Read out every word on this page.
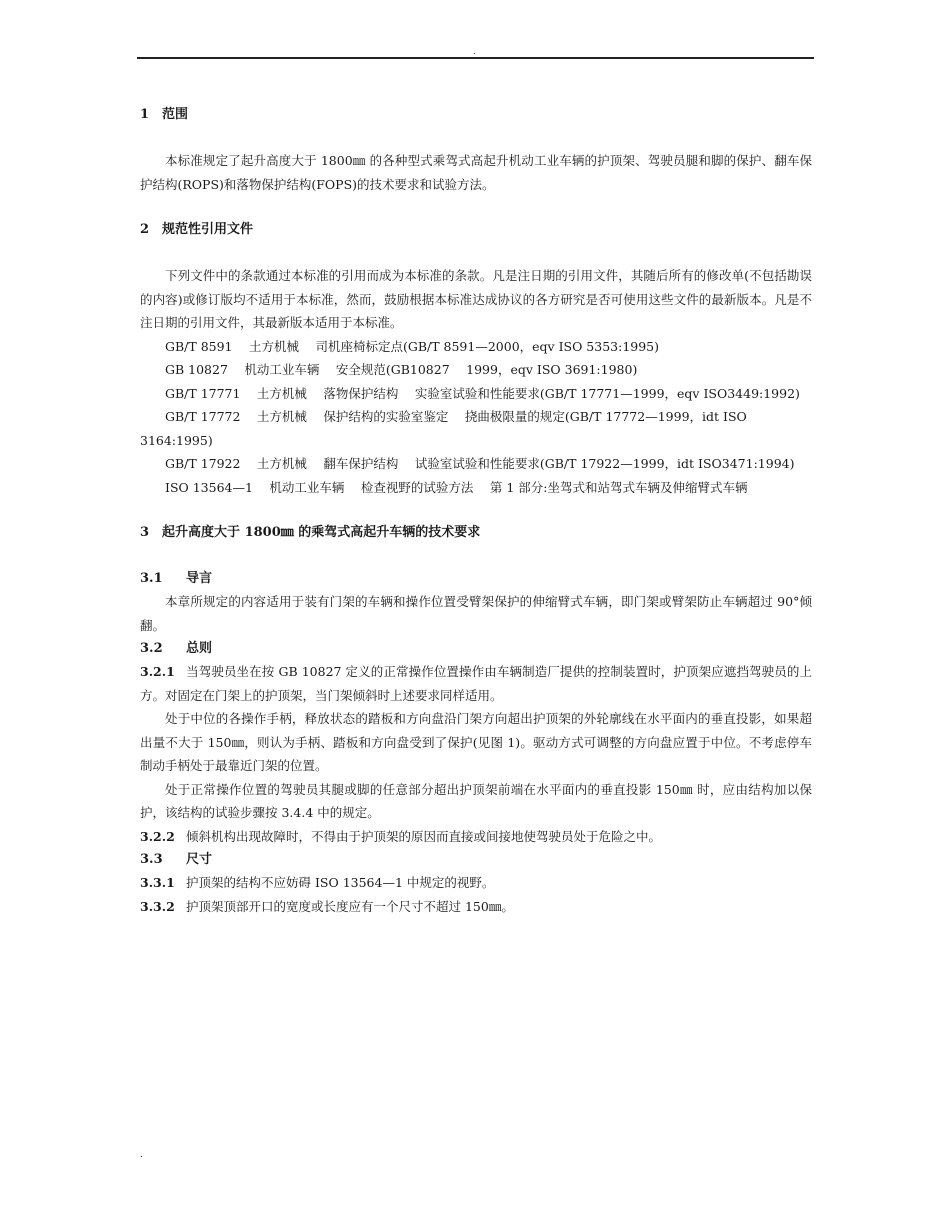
.
1　范围

本标准规定了起升高度大于 1800㎜ 的各种型式乘驾式高起升机动工业车辆的护顶架、驾驶员腿和脚的保护、翻车保护结构(ROPS)和落物保护结构(FOPS)的技术要求和试验方法。

2　规范性引用文件

下列文件中的条款通过本标准的引用而成为本标准的条款。凡是注日期的引用文件，其随后所有的修改单(不包括勘误的内容)或修订版均不适用于本标准，然而，鼓励根据本标准达成协议的各方研究是否可使用这些文件的最新版本。凡是不注日期的引用文件，其最新版本适用于本标准。

GB/T 8591　 土方机械　 司机座椅标定点(GB/T 8591—2000，eqv ISO 5353:1995)

GB 10827　 机动工业车辆　 安全规范(GB10827　 1999，eqv ISO 3691:1980)

GB/T 17771　 土方机械　 落物保护结构　 实验室试验和性能要求(GB/T 17771—1999，eqv ISO3449:1992)

GB/T 17772　 土方机械　 保护结构的实验室鉴定　 挠曲极限量的规定(GB/T 17772—1999，idt ISO 3164:1995)

GB/T 17922　 土方机械　 翻车保护结构　 试验室试验和性能要求(GB/T 17922—1999，idt ISO3471:1994)

ISO 13564—1　 机动工业车辆　 检查视野的试验方法　 第 1 部分:坐驾式和站驾式车辆及伸缩臂式车辆

3　起升高度大于 1800㎜ 的乘驾式高起升车辆的技术要求
3.1 导言

本章所规定的内容适用于装有门架的车辆和操作位置受臂架保护的伸缩臂式车辆，即门架或臂架防止车辆超过 90°倾翻。

3.2 总则

3.2.1 当驾驶员坐在按 GB 10827 定义的正常操作位置操作由车辆制造厂提供的控制装置时，护顶架应遮挡驾驶员的上方。对固定在门架上的护顶架，当门架倾斜时上述要求同样适用。

处于中位的各操作手柄，释放状态的踏板和方向盘沿门架方向超出护顶架的外轮廓线在水平面内的垂直投影，如果超出量不大于 150㎜，则认为手柄、踏板和方向盘受到了保护(见图 1)。驱动方式可调整的方向盘应置于中位。不考虑停车制动手柄处于最靠近门架的位置。

处于正常操作位置的驾驶员其腿或脚的任意部分超出护顶架前端在水平面内的垂直投影 150㎜ 时，应由结构加以保护，该结构的试验步骤按 3.4.4 中的规定。

3.2.2 倾斜机构出现故障时，不得由于护顶架的原因而直接或间接地使驾驶员处于危险之中。

3.3 尺寸

3.3.1 护顶架的结构不应妨碍 ISO 13564—1 中规定的视野。

3.3.2 护顶架顶部开口的宽度或长度应有一个尺寸不超过 150㎜。

.
